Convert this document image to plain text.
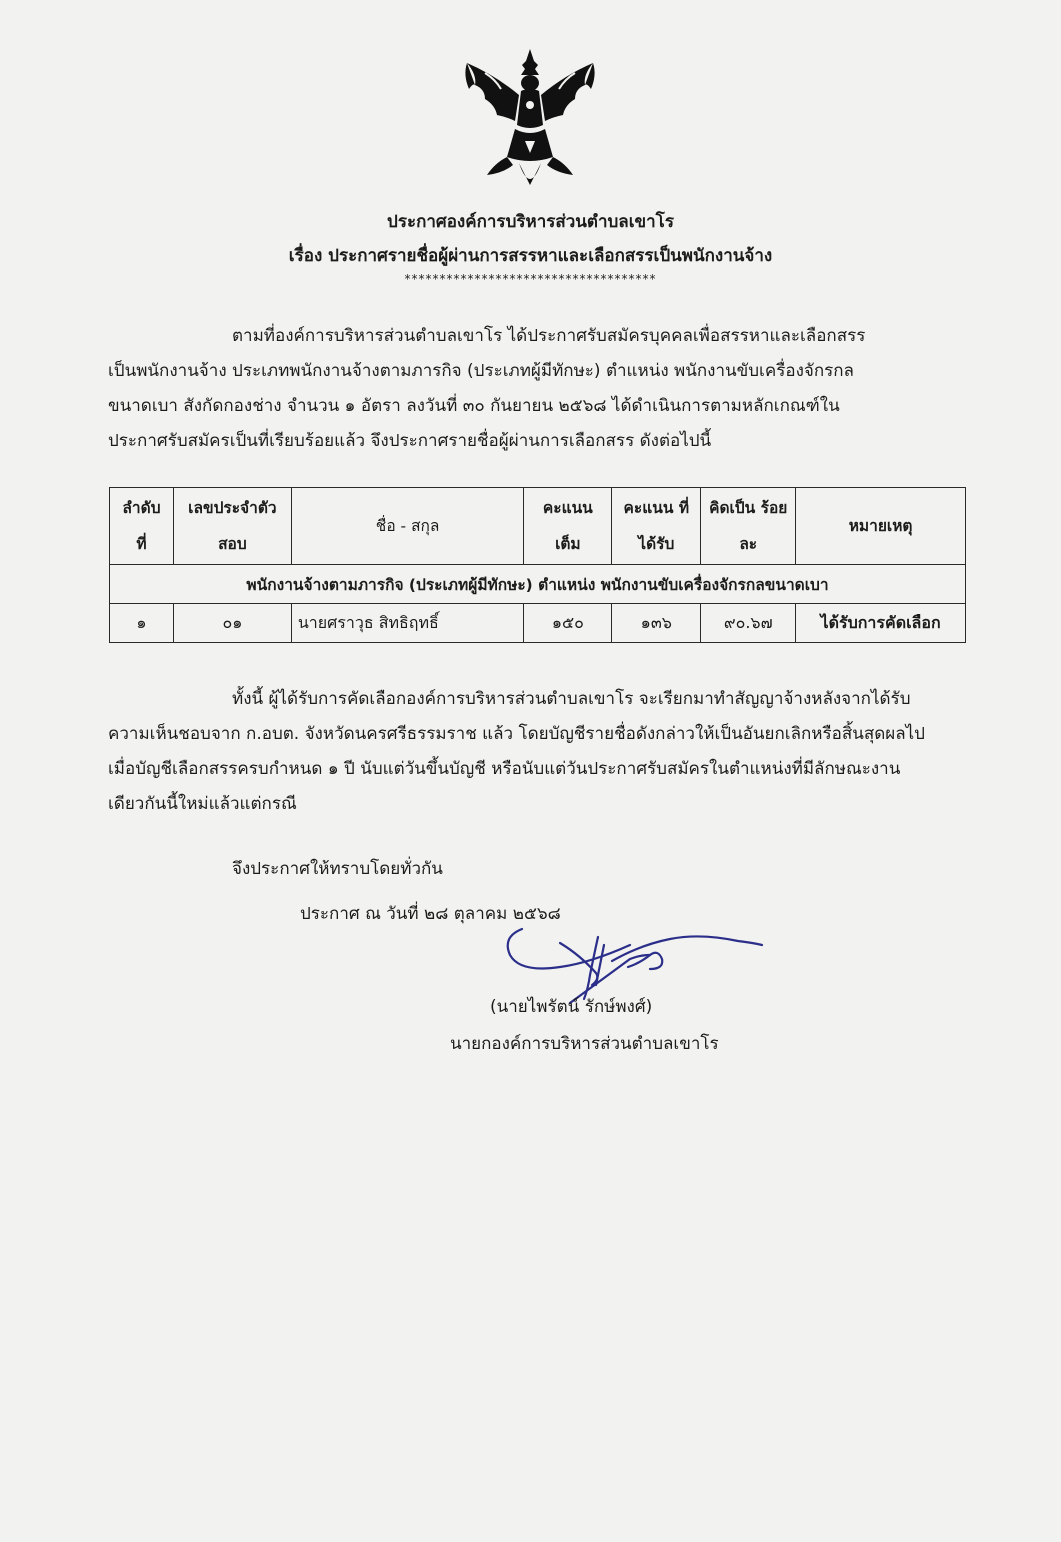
ประกาศองค์การบริหารส่วนตำบลเขาโร
เรื่อง ประกาศรายชื่อผู้ผ่านการสรรหาและเลือกสรรเป็นพนักงานจ้าง
************************************
ตามที่องค์การบริหารส่วนตำบลเขาโร ได้ประกาศรับสมัครบุคคลเพื่อสรรหาและเลือกสรร
เป็นพนักงานจ้าง ประเภทพนักงานจ้างตามภารกิจ (ประเภทผู้มีทักษะ) ตำแหน่ง พนักงานขับเครื่องจักรกล
ขนาดเบา สังกัดกองช่าง จำนวน ๑ อัตรา ลงวันที่ ๓๐ กันยายน ๒๕๖๘ ได้ดำเนินการตามหลักเกณฑ์ใน
ประกาศรับสมัครเป็นที่เรียบร้อยแล้ว จึงประกาศรายชื่อผู้ผ่านการเลือกสรร ดังต่อไปนี้
ลำดับ ที่	เลขประจำตัว สอบ	ชื่อ - สกุล	คะแนน เต็ม	คะแนน ที่ได้รับ	คิดเป็น ร้อยละ	หมายเหตุ
พนักงานจ้างตามภารกิจ (ประเภทผู้มีทักษะ) ตำแหน่ง พนักงานขับเครื่องจักรกลขนาดเบา						
๑	๐๑	นายศราวุธ สิทธิฤทธิ์	๑๕๐	๑๓๖	๙๐.๖๗	ได้รับการคัดเลือก
ทั้งนี้ ผู้ได้รับการคัดเลือกองค์การบริหารส่วนตำบลเขาโร จะเรียกมาทำสัญญาจ้างหลังจากได้รับ
ความเห็นชอบจาก ก.อบต. จังหวัดนครศรีธรรมราช แล้ว โดยบัญชีรายชื่อดังกล่าวให้เป็นอันยกเลิกหรือสิ้นสุดผลไป
เมื่อบัญชีเลือกสรรครบกำหนด ๑ ปี นับแต่วันขึ้นบัญชี หรือนับแต่วันประกาศรับสมัครในตำแหน่งที่มีลักษณะงาน
เดียวกันนี้ใหม่แล้วแต่กรณี
จึงประกาศให้ทราบโดยทั่วกัน
ประกาศ ณ วันที่ ๒๘ ตุลาคม ๒๕๖๘
(นายไพรัตน์ รักษ์พงศ์)
นายกองค์การบริหารส่วนตำบลเขาโร
